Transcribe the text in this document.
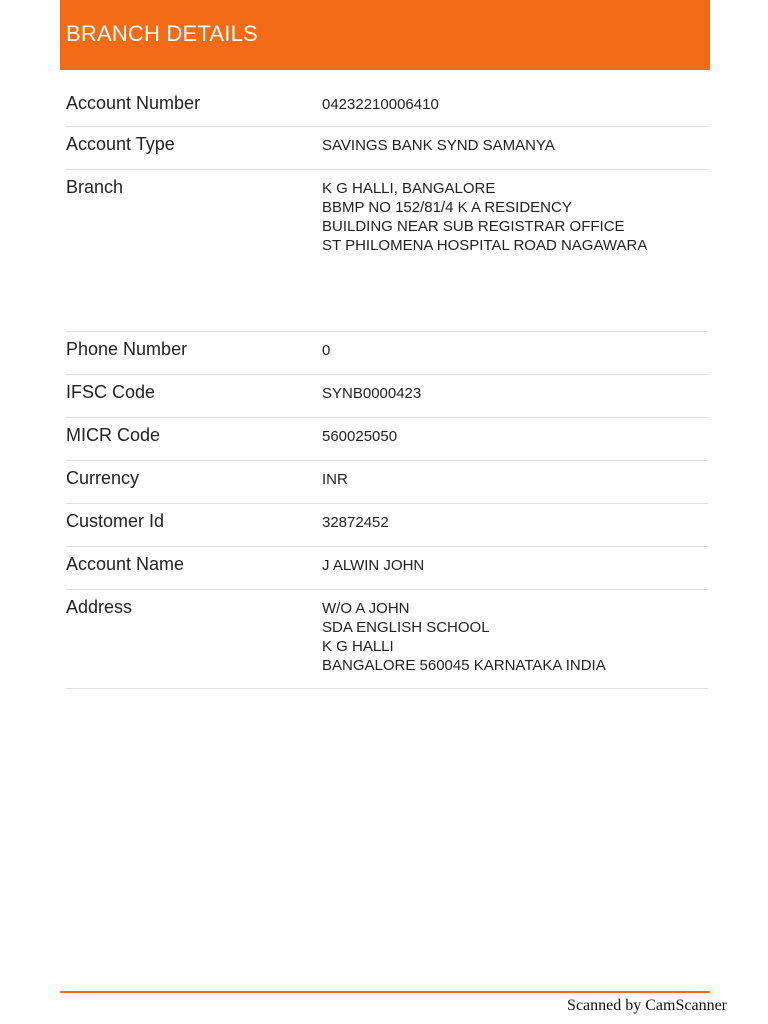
BRANCH DETAILS
Account Number	04232210006410
Account Type	SAVINGS BANK SYND SAMANYA
Branch	K G HALLI, BANGALORE
BBMP NO 152/81/4 K A RESIDENCY
BUILDING NEAR SUB REGISTRAR OFFICE
ST PHILOMENA HOSPITAL ROAD NAGAWARA
Phone Number	0
IFSC Code	SYNB0000423
MICR Code	560025050
Currency	INR
Customer Id	32872452
Account Name	J ALWIN JOHN
Address	W/O A JOHN
SDA ENGLISH SCHOOL
K G HALLI
BANGALORE 560045 KARNATAKA INDIA
Scanned by CamScanner
